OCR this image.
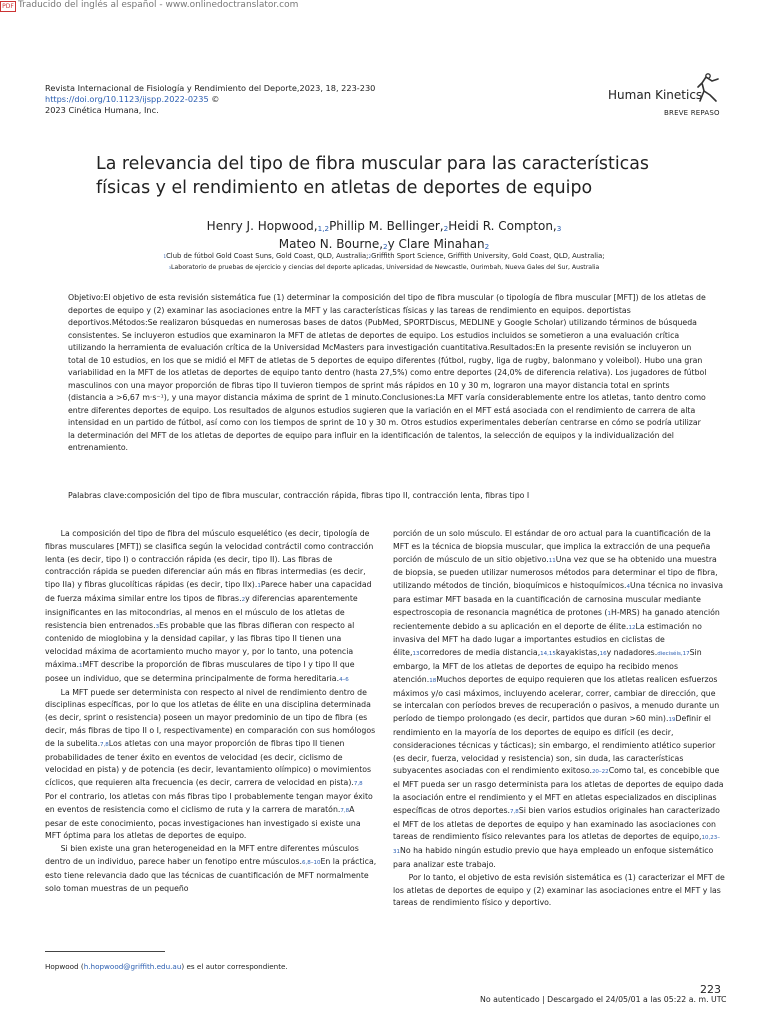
PDF Traducido del inglés al español - www.onlinedoctranslator.com
Revista Internacional de Fisiología y Rendimiento del Deporte,2023, 18, 223-230
https://doi.org/10.1123/ijspp.2022-0235 ©
2023 Cinética Humana, Inc.
Human Kinetics
BREVE REPASO
La relevancia del tipo de fibra muscular para las características
físicas y el rendimiento en atletas de deportes de equipo
Henry J. Hopwood,$^{1,2}$Phillip M. Bellinger,$^2$Heidi R. Compton,$^3$
Mateo N. Bourne,$^2$y Clare Minahan$^2$
$^1$Club de fútbol Gold Coast Suns, Gold Coast, QLD, Australia;$^2$Griffith Sport Science, Griffith University, Gold Coast, QLD, Australia;
$^3$Laboratorio de pruebas de ejercicio y ciencias del deporte aplicadas, Universidad de Newcastle, Ourimbah, Nueva Gales del Sur, Australia
Objetivo:El objetivo de esta revisión sistemática fue (1) determinar la composición del tipo de fibra muscular (o tipología de fibra muscular [MFT]) de los atletas de deportes de equipo y (2) examinar las asociaciones entre la MFT y las características físicas y las tareas de rendimiento en equipos. deportistas deportivos.Métodos:Se realizaron búsquedas en numerosas bases de datos (PubMed, SPORTDiscus, MEDLINE y Google Scholar) utilizando términos de búsqueda consistentes. Se incluyeron estudios que examinaron la MFT de atletas de deportes de equipo. Los estudios incluidos se sometieron a una evaluación crítica utilizando la herramienta de evaluación crítica de la Universidad McMasters para investigación cuantitativa.Resultados:En la presente revisión se incluyeron un total de 10 estudios, en los que se midió el MFT de atletas de 5 deportes de equipo diferentes (fútbol, rugby, liga de rugby, balonmano y voleibol). Hubo una gran variabilidad en la MFT de los atletas de deportes de equipo tanto dentro (hasta 27,5%) como entre deportes (24,0% de diferencia relativa). Los jugadores de fútbol masculinos con una mayor proporción de fibras tipo II tuvieron tiempos de sprint más rápidos en 10 y 30 m, lograron una mayor distancia total en sprints (distancia a >6,67 m·s⁻¹), y una mayor distancia máxima de sprint de 1 minuto.Conclusiones:La MFT varía considerablemente entre los atletas, tanto dentro como entre diferentes deportes de equipo. Los resultados de algunos estudios sugieren que la variación en el MFT está asociada con el rendimiento de carrera de alta intensidad en un partido de fútbol, así como con los tiempos de sprint de 10 y 30 m. Otros estudios experimentales deberían centrarse en cómo se podría utilizar la determinación del MFT de los atletas de deportes de equipo para influir en la identificación de talentos, la selección de equipos y la individualización del entrenamiento.
Palabras clave:composición del tipo de fibra muscular, contracción rápida, fibras tipo II, contracción lenta, fibras tipo I

La composición del tipo de fibra del músculo esquelético (es decir, tipología de fibras musculares [MFT]) se clasifica según la velocidad contráctil como contracción lenta (es decir, tipo I) o contracción rápida (es decir, tipo II). Las fibras de contracción rápida se pueden diferenciar aún más en fibras intermedias (es decir, tipo IIa) y fibras glucolíticas rápidas (es decir, tipo IIx).1Parece haber una capacidad de fuerza máxima similar entre los tipos de fibras.2y diferencias aparentemente insignificantes en las mitocondrias, al menos en el músculo de los atletas de resistencia bien entrenados.3Es probable que las fibras difieran con respecto al contenido de mioglobina y la densidad capilar, y las fibras tipo II tienen una velocidad máxima de acortamiento mucho mayor y, por lo tanto, una potencia máxima.1MFT describe la proporción de fibras musculares de tipo I y tipo II que posee un individuo, que se determina principalmente de forma hereditaria.4–6

La MFT puede ser determinista con respecto al nivel de rendimiento dentro de disciplinas específicas, por lo que los atletas de élite en una disciplina determinada (es decir, sprint o resistencia) poseen un mayor predominio de un tipo de fibra (es decir, más fibras de tipo II o I, respectivamente) en comparación con sus homólogos de la subelita.7,8Los atletas con una mayor proporción de fibras tipo II tienen probabilidades de tener éxito en eventos de velocidad (es decir, ciclismo de velocidad en pista) y de potencia (es decir, levantamiento olímpico) o movimientos cíclicos, que requieren alta frecuencia (es decir, carrera de velocidad en pista).7,8

Por el contrario, los atletas con más fibras tipo I probablemente tengan mayor éxito en eventos de resistencia como el ciclismo de ruta y la carrera de maratón.7,8A pesar de este conocimiento, pocas investigaciones han investigado si existe una MFT óptima para los atletas de deportes de equipo.

Si bien existe una gran heterogeneidad en la MFT entre diferentes músculos dentro de un individuo, parece haber un fenotipo entre músculos.6,8–10En la práctica, esto tiene relevancia dado que las técnicas de cuantificación de MFT normalmente solo toman muestras de un pequeño

porción de un solo músculo. El estándar de oro actual para la cuantificación de la MFT es la técnica de biopsia muscular, que implica la extracción de una pequeña porción de músculo de un sitio objetivo.11Una vez que se ha obtenido una muestra de biopsia, se pueden utilizar numerosos métodos para determinar el tipo de fibra, utilizando métodos de tinción, bioquímicos e histoquímicos.4Una técnica no invasiva para estimar MFT basada en la cuantificación de carnosina muscular mediante espectroscopia de resonancia magnética de protones (1H-MRS) ha ganado atención recientemente debido a su aplicación en el deporte de élite.12La estimación no invasiva del MFT ha dado lugar a importantes estudios en ciclistas de élite,13corredores de media distancia,14,15kayakistas,16y nadadores.dieciséis,17Sin embargo, la MFT de los atletas de deportes de equipo ha recibido menos atención.18Muchos deportes de equipo requieren que los atletas realicen esfuerzos máximos y/o casi máximos, incluyendo acelerar, correr, cambiar de dirección, que se intercalan con períodos breves de recuperación o pasivos, a menudo durante un período de tiempo prolongado (es decir, partidos que duran >60 min).19Definir el rendimiento en la mayoría de los deportes de equipo es difícil (es decir, consideraciones técnicas y tácticas); sin embargo, el rendimiento atlético superior (es decir, fuerza, velocidad y resistencia) son, sin duda, las características subyacentes asociadas con el rendimiento exitoso.20–22Como tal, es concebible que el MFT pueda ser un rasgo determinista para los atletas de deportes de equipo dada la asociación entre el rendimiento y el MFT en atletas especializados en disciplinas específicas de otros deportes.7,8Si bien varios estudios originales han caracterizado el MFT de los atletas de deportes de equipo y han examinado las asociaciones con tareas de rendimiento físico relevantes para los atletas de deportes de equipo,10,23–31No ha habido ningún estudio previo que haya empleado un enfoque sistemático para analizar este trabajo.

Por lo tanto, el objetivo de esta revisión sistemática es (1) caracterizar el MFT de los atletas de deportes de equipo y (2) examinar las asociaciones entre el MFT y las tareas de rendimiento físico y deportivo.

Hopwood (h.hopwood@griffith.edu.au) es el autor correspondiente.
223
No autenticado | Descargado el 24/05/01 a las 05:22 a. m. UTC
